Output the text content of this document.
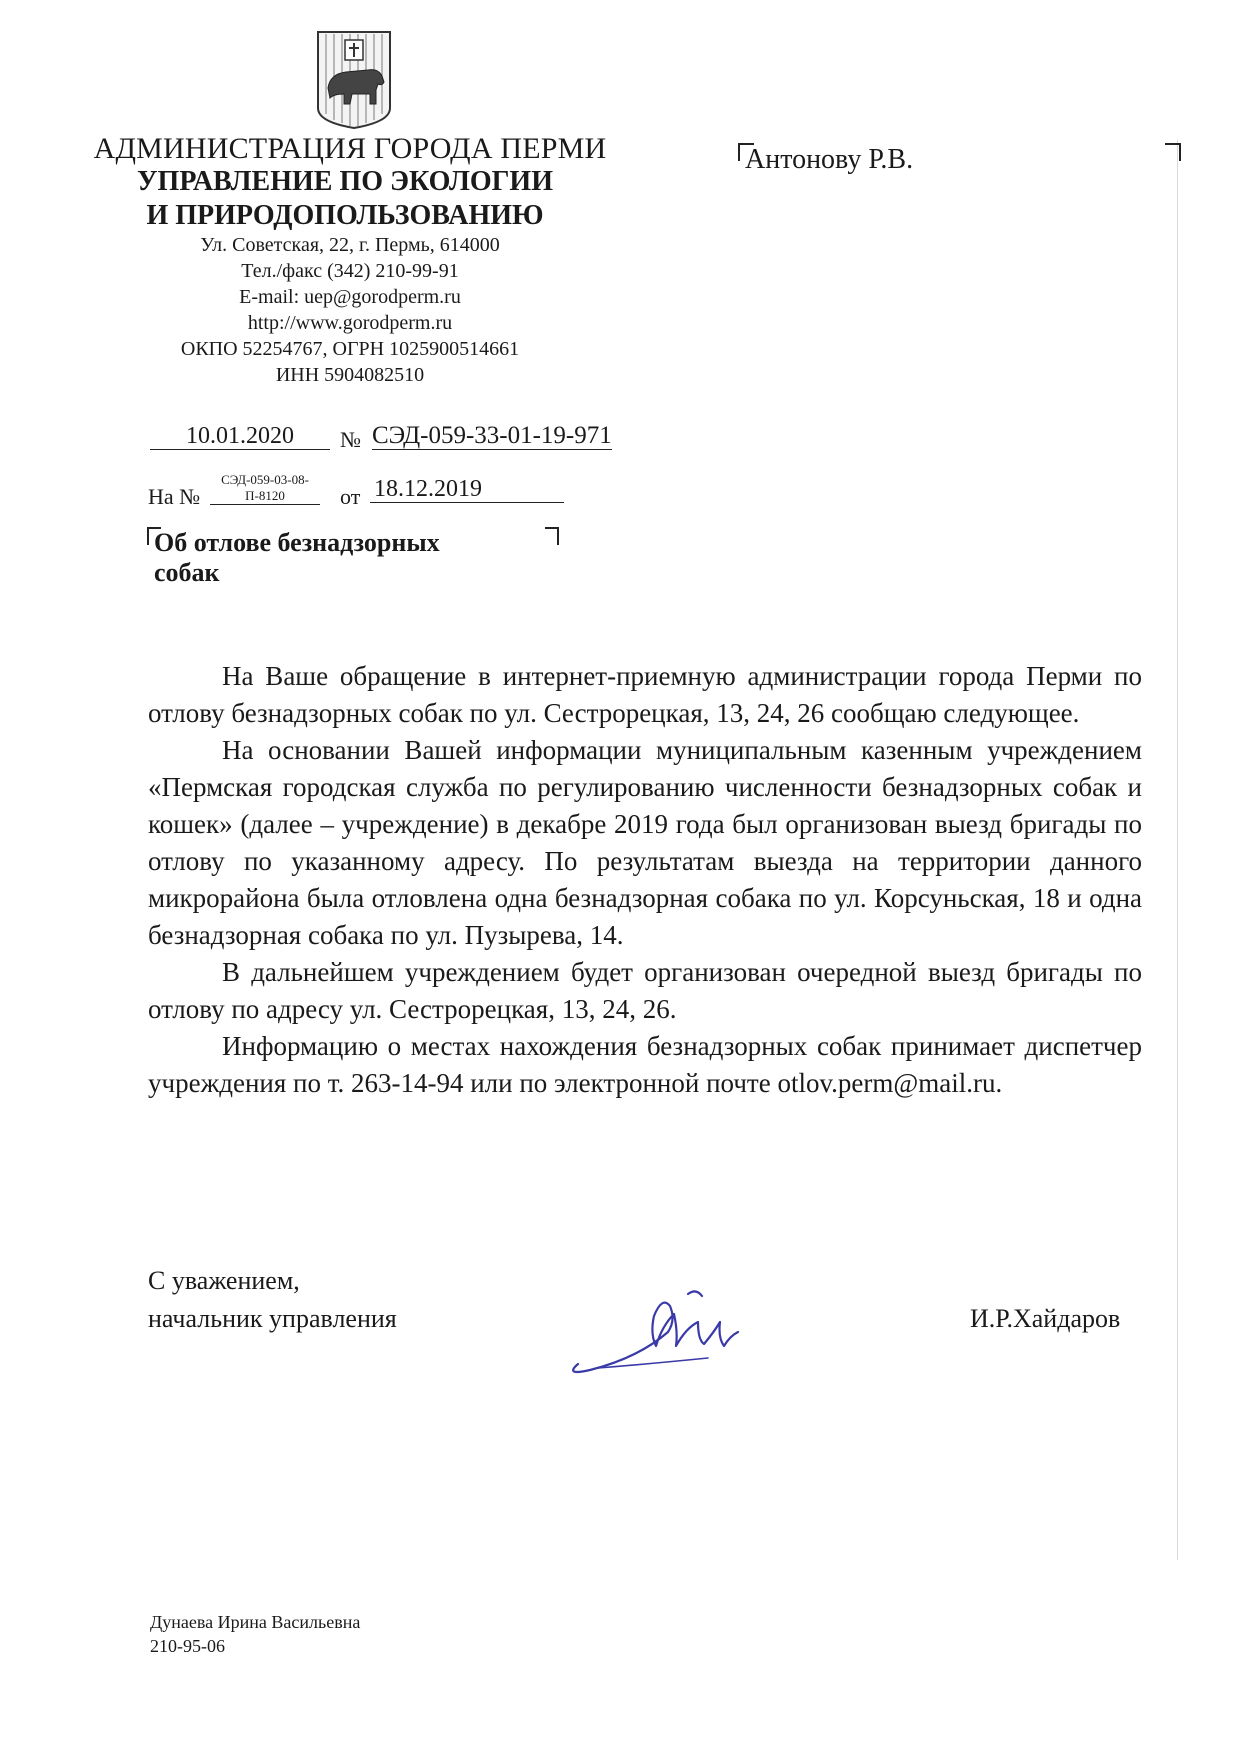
АДМИНИСТРАЦИЯ ГОРОДА ПЕРМИ
УПРАВЛЕНИЕ ПО ЭКОЛОГИИ
И ПРИРОДОПОЛЬЗОВАНИЮ
Ул. Советская, 22, г. Пермь, 614000
Тел./факс (342) 210-99-91
E-mail: uep@gorodperm.ru
http://www.gorodperm.ru
ОКПО 52254767, ОГРН 1025900514661
ИНН 5904082510
Антонову Р.В.
10.01.2020	№ СЭД-059-33-01-19-971
На №
СЭД-059-03-08-П-8120	от 18.12.2019
Об отлове безнадзорных
собак

На Ваше обращение в интернет-приемную администрации города Перми по отлову безнадзорных собак по ул. Сестрорецкая, 13, 24, 26 сообщаю следующее.

На основании Вашей информации муниципальным казенным учреждением «Пермская городская служба по регулированию численности безнадзорных собак и кошек» (далее – учреждение) в декабре 2019 года был организован выезд бригады по отлову по указанному адресу. По результатам выезда на территории данного микрорайона была отловлена одна безнадзорная собака по ул. Корсуньская, 18 и одна безнадзорная собака по ул. Пузырева, 14.

В дальнейшем учреждением будет организован очередной выезд бригады по отлову по адресу ул. Сестрорецкая, 13, 24, 26.

Информацию о местах нахождения безнадзорных собак принимает диспетчер учреждения по т. 263-14-94 или по электронной почте otlov.perm@mail.ru.

С уважением,
начальник управления	И.Р.Хайдаров
Дунаева Ирина Васильевна
210-95-06
